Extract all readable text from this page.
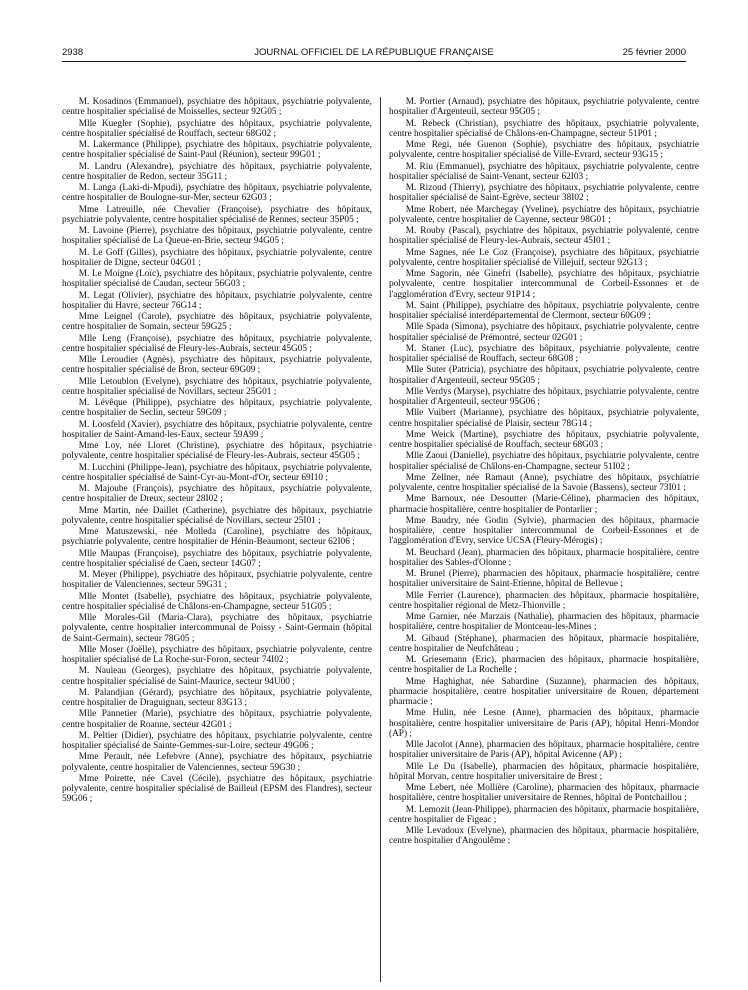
2938	JOURNAL OFFICIEL DE LA RÉPUBLIQUE FRANÇAISE	25 février 2000

M. Kosadinos (Emmanuel), psychiatre des hôpitaux, psychiatrie polyvalente, centre hospitalier spécialisé de Moisselles, secteur 92G05 ;

Mlle Kuegler (Sophie), psychiatre des hôpitaux, psychiatrie polyvalente, centre hospitalier spécialisé de Rouffach, secteur 68G02 ;

M. Lakermance (Philippe), psychiatre des hôpitaux, psychiatrie polyvalente, centre hospitalier spécialisé de Saint-Paul (Réunion), secteur 99G01 ;

M. Landru (Alexandre), psychiatre des hôpitaux, psychiatrie polyvalente, centre hospitalier de Redon, secteur 35G11 ;

M. Langa (Laki-di-Mpudi), psychiatre des hôpitaux, psychiatrie polyvalente, centre hospitalier de Boulogne-sur-Mer, secteur 62G03 ;

Mme Latreuille, née Chevalier (Françoise), psychiatre des hôpitaux, psychiatrie polyvalente, centre hospitalier spécialisé de Rennes, secteur 35P05 ;

M. Lavoine (Pierre), psychiatre des hôpitaux, psychiatrie polyvalente, centre hospitalier spécialisé de La Queue-en-Brie, secteur 94G05 ;

M. Le Goff (Gilles), psychiatre des hôpitaux, psychiatrie polyvalente, centre hospitalier de Digne, secteur 04G01 ;

M. Le Moigne (Loïc), psychiatre des hôpitaux, psychiatrie polyvalente, centre hospitalier spécialisé de Caudan, secteur 56G03 ;

M. Legat (Olivier), psychiatre des hôpitaux, psychiatrie polyvalente, centre hospitalier du Havre, secteur 76G14 ;

Mme Leignel (Carole), psychiatre des hôpitaux, psychiatrie polyvalente, centre hospitalier de Somain, secteur 59G25 ;

Mlle Leng (Françoise), psychiatre des hôpitaux, psychiatrie polyvalente, centre hospitalier spécialisé de Fleury-les-Aubrais, secteur 45G05 ;

Mlle Leroudier (Agnès), psychiatre des hôpitaux, psychiatrie polyvalente, centre hospitalier spécialisé de Bron, secteur 69G09 ;

Mlle Letoublon (Evelyne), psychiatre des hôpitaux, psychiatrie polyvalente, centre hospitalier spécialisé de Novillars, secteur 25G01 ;

M. Lévêque (Philippe), psychiatre des hôpitaux, psychiatrie polyvalente, centre hospitalier de Seclin, secteur 59G09 ;

M. Loosfeld (Xavier), psychiatre des hôpitaux, psychiatrie polyvalente, centre hospitalier de Saint-Amand-les-Eaux, secteur 59A99 ;

Mme Loy, née Lloret (Christine), psychiatre des hôpitaux, psychiatrie polyvalente, centre hospitalier spécialisé de Fleury-les-Aubrais, secteur 45G05 ;

M. Lucchini (Philippe-Jean), psychiatre des hôpitaux, psychiatrie polyvalente, centre hospitalier spécialisé de Saint-Cyr-au-Mont-d'Or, secteur 69I10 ;

M. Majoube (François), psychiatre des hôpitaux, psychiatrie polyvalente, centre hospitalier de Dreux, secteur 28I02 ;

Mme Martin, née Daillet (Catherine), psychiatre des hôpitaux, psychiatrie polyvalente, centre hospitalier spécialisé de Novillars, secteur 25I01 ;

Mme Matuszewski, née Molleda (Caroline), psychiatre des hôpitaux, psychiatrie polyvalente, centre hospitalier de Hénin-Beaumont, secteur 62I06 ;

Mlle Maupas (Françoise), psychiatre des hôpitaux, psychiatrie polyvalente, centre hospitalier spécialisé de Caen, secteur 14G07 ;

M. Meyer (Philippe), psychiatre des hôpitaux, psychiatrie polyvalente, centre hospitalier de Valenciennes, secteur 59G31 ;

Mlle Montet (Isabelle), psychiatre des hôpitaux, psychiatrie polyvalente, centre hospitalier spécialisé de Châlons-en-Champagne, secteur 51G05 ;

Mlle Morales-Gil (Maria-Clara), psychiatre des hôpitaux, psychiatrie polyvalente, centre hospitalier intercommunal de Poissy - Saint-Germain (hôpital de Saint-Germain), secteur 78G05 ;

Mlle Moser (Joëlle), psychiatre des hôpitaux, psychiatrie polyvalente, centre hospitalier spécialisé de La Roche-sur-Foron, secteur 74I02 ;

M. Nauleau (Georges), psychiatre des hôpitaux, psychiatrie polyvalente, centre hospitalier spécialisé de Saint-Maurice, secteur 94U00 ;

M. Palandjian (Gérard), psychiatre des hôpitaux, psychiatrie polyvalente, centre hospitalier de Draguignan, secteur 83G13 ;

Mlle Pannetier (Marie), psychiatre des hôpitaux, psychiatrie polyvalente, centre hospitalier de Roanne, secteur 42G01 ;

M. Peltier (Didier), psychiatre des hôpitaux, psychiatrie polyvalente, centre hospitalier spécialisé de Sainte-Gemmes-sur-Loire, secteur 49G06 ;

Mme Perault, née Lefebvre (Anne), psychiatre des hôpitaux, psychiatrie polyvalente, centre hospitalier de Valenciennes, secteur 59G30 ;

Mme Poirette, née Cavel (Cécile), psychiatre des hôpitaux, psychiatrie polyvalente, centre hospitalier spécialisé de Bailleul (EPSM des Flandres), secteur 59G06 ;

M. Portier (Arnaud), psychiatre des hôpitaux, psychiatrie polyvalente, centre hospitalier d'Argenteuil, secteur 95G05 ;

M. Rebeck (Christian), psychiatre des hôpitaux, psychiatrie polyvalente, centre hospitalier spécialisé de Châlons-en-Champagne, secteur 51P01 ;

Mme Regi, née Guenon (Sophie), psychiatre des hôpitaux, psychiatrie polyvalente, centre hospitalier spécialisé de Ville-Evrard, secteur 93G15 ;

M. Riu (Emmanuel), psychiatre des hôpitaux, psychiatrie polyvalente, centre hospitalier spécialisé de Saint-Venant, secteur 62I03 ;

M. Rizoud (Thierry), psychiatre des hôpitaux, psychiatrie polyvalente, centre hospitalier spécialisé de Saint-Egrève, secteur 38I02 ;

Mme Robert, née Marchegay (Yveline), psychiatre des hôpitaux, psychiatrie polyvalente, centre hospitalier de Cayenne, secteur 98G01 ;

M. Rouby (Pascal), psychiatre des hôpitaux, psychiatrie polyvalente, centre hospitalier spécialisé de Fleury-les-Aubrais, secteur 45I01 ;

Mme Sagnes, née Le Coz (Françoise), psychiatre des hôpitaux, psychiatrie polyvalente, centre hospitalier spécialisé de Villejuif, secteur 92G13 ;

Mme Sagorin, née Ginefri (Isabelle), psychiatre des hôpitaux, psychiatrie polyvalente, centre hospitalier intercommunal de Corbeil-Essonnes et de l'agglomération d'Evry, secteur 91P14 ;

M. Saint (Philippe), psychiatre des hôpitaux, psychiatrie polyvalente, centre hospitalier spécialisé interdépartemental de Clermont, secteur 60G09 ;

Mlle Spada (Simona), psychiatre des hôpitaux, psychiatrie polyvalente, centre hospitalier spécialisé de Prémontré, secteur 02G01 ;

M. Staner (Luc), psychiatre des hôpitaux, psychiatrie polyvalente, centre hospitalier spécialisé de Rouffach, secteur 68G08 ;

Mlle Suter (Patricia), psychiatre des hôpitaux, psychiatrie polyvalente, centre hospitalier d'Argenteuil, secteur 95G05 ;

Mlle Verdys (Maryse), psychiatre des hôpitaux, psychiatrie polyvalente, centre hospitalier d'Argenteuil, secteur 95G06 ;

Mlle Vuibert (Marianne), psychiatre des hôpitaux, psychiatrie polyvalente, centre hospitalier spécialisé de Plaisir, secteur 78G14 ;

Mme Weick (Martine), psychiatre des hôpitaux, psychiatrie polyvalente, centre hospitalier spécialisé de Rouffach, secteur 68G03 ;

Mlle Zaoui (Danielle), psychiatre des hôpitaux, psychiatrie polyvalente, centre hospitalier spécialisé de Châlons-en-Champagne, secteur 51I02 ;

Mme Zellner, née Ramaut (Anne), psychiatre des hôpitaux, psychiatrie polyvalente, centre hospitalier spécialisé de la Savoie (Bassens), secteur 73I01 ;

Mme Barnoux, née Desoutter (Marie-Céline), pharmacien des hôpitaux, pharmacie hospitalière, centre hospitalier de Pontarlier ;

Mme Baudry, née Godin (Sylvie), pharmacien des hôpitaux, pharmacie hospitalière, centre hospitalier intercommunal de Corbeil-Essonnes et de l'agglomération d'Evry, service UCSA (Fleury-Mérogis) ;

M. Beuchard (Jean), pharmacien des hôpitaux, pharmacie hospitalière, centre hospitalier des Sables-d'Olonne ;

M. Brunel (Pierre), pharmacien des hôpitaux, pharmacie hospitalière, centre hospitalier universitaire de Saint-Etienne, hôpital de Bellevue ;

Mlle Ferrier (Laurence), pharmacien des hôpitaux, pharmacie hospitalière, centre hospitalier régional de Metz-Thionville ;

Mme Garnier, née Marzais (Nathalie), pharmacien des hôpitaux, pharmacie hospitalière, centre hospitalier de Montceau-les-Mines ;

M. Gibaud (Stéphane), pharmacien des hôpitaux, pharmacie hospitalière, centre hospitalier de Neufchâteau ;

M. Griesemann (Eric), pharmacien des hôpitaux, pharmacie hospitalière, centre hospitalier de La Rochelle ;

Mme Haghighat, née Sabardine (Suzanne), pharmacien des hôpitaux, pharmacie hospitalière, centre hospitalier universitaire de Rouen, département pharmacie ;

Mme Hulin, née Lesne (Anne), pharmacien des hôpitaux, pharmacie hospitalière, centre hospitalier universitaire de Paris (AP), hôpital Henri-Mondor (AP) ;

Mlle Jacolot (Anne), pharmacien des hôpitaux, pharmacie hospitalière, centre hospitalier universitaire de Paris (AP), hôpital Avicenne (AP) ;

Mlle Le Du (Isabelle), pharmacien des hôpitaux, pharmacie hospitalière, hôpital Morvan, centre hospitalier universitaire de Brest ;

Mme Lebert, née Mollière (Caroline), pharmacien des hôpitaux, pharmacie hospitalière, centre hospitalier universitaire de Rennes, hôpital de Pontchaillou ;

M. Lemozit (Jean-Philippe), pharmacien des hôpitaux, pharmacie hospitalière, centre hospitalier de Figeac ;

Mlle Levadoux (Evelyne), pharmacien des hôpitaux, pharmacie hospitalière, centre hospitalier d'Angoulême ;
